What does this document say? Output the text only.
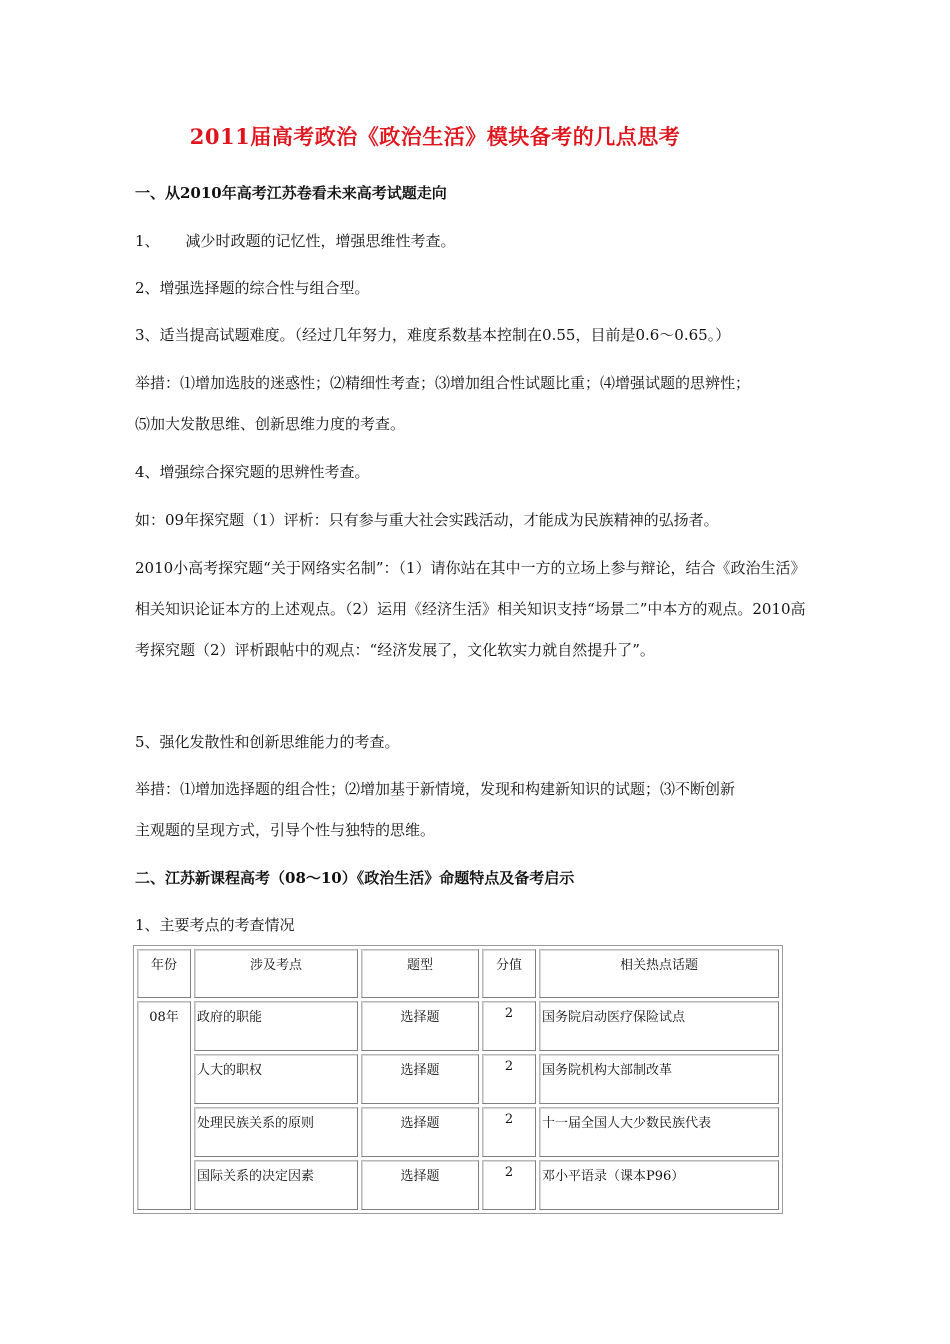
2011届高考政治《政治生活》模块备考的几点思考
一、从2010年高考江苏卷看未来高考试题走向
1、 减少时政题的记忆性，增强思维性考查。
2、增强选择题的综合性与组合型。
3、适当提高试题难度。（经过几年努力，难度系数基本控制在0.55，目前是0.6～0.65。）
举措：⑴增加选肢的迷惑性；⑵精细性考查；⑶增加组合性试题比重；⑷增强试题的思辨性；
⑸加大发散思维、创新思维力度的考查。
4、增强综合探究题的思辨性考查。
如：09年探究题（1）评析：只有参与重大社会实践活动，才能成为民族精神的弘扬者。
2010小高考探究题“关于网络实名制”：（1）请你站在其中一方的立场上参与辩论，结合《政治生活》相关知识论证本方的上述观点。（2）运用《经济生活》相关知识支持“场景二”中本方的观点。2010高考探究题（2）评析跟帖中的观点：“经济发展了，文化软实力就自然提升了”。
5、强化发散性和创新思维能力的考查。
举措：⑴增加选择题的组合性；⑵增加基于新情境，发现和构建新知识的试题；⑶不断创新
主观题的呈现方式，引导个性与独特的思维。
二、江苏新课程高考（08～10）《政治生活》命题特点及备考启示
1、主要考点的考查情况
年份	涉及考点	题型	分值	相关热点话题
08年	政府的职能	选择题	2	国务院启动医疗保险试点
	人大的职权	选择题	2	国务院机构大部制改革
	处理民族关系的原则	选择题	2	十一届全国人大少数民族代表
	国际关系的决定因素	选择题	2	邓小平语录（课本P96）
